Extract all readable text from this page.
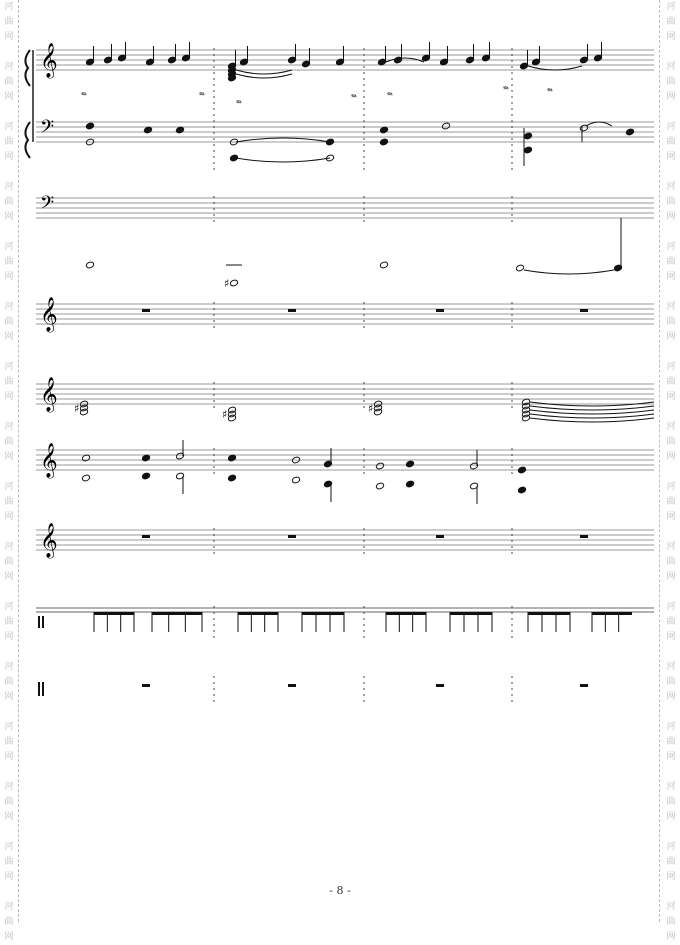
河
曲
网
河
曲
网
河
曲
网
河
曲
网
河
曲
网
河
曲
网
河
曲
网
河
曲
网
河
曲
网
河
曲
网
河
曲
网
河
曲
网
河
曲
网
河
曲
网
河
曲
网
河
曲
网
河
曲
网
河
曲
网
河
曲
网
河
曲
网
河
曲
网
河
曲
网
河
曲
网
河
曲
网
河
曲
网
河
曲
网
河
曲
网
河
曲
网
河
曲
网
河
曲
网
河
曲
网
河
曲
网
𝄞
𝆮	𝆮
𝆮
𝆮	𝆮
𝆮	𝆮
𝄢
𝄢
♯
𝄞
𝄞 ♯	♯	♯
𝄞
𝄞
- 8 -
